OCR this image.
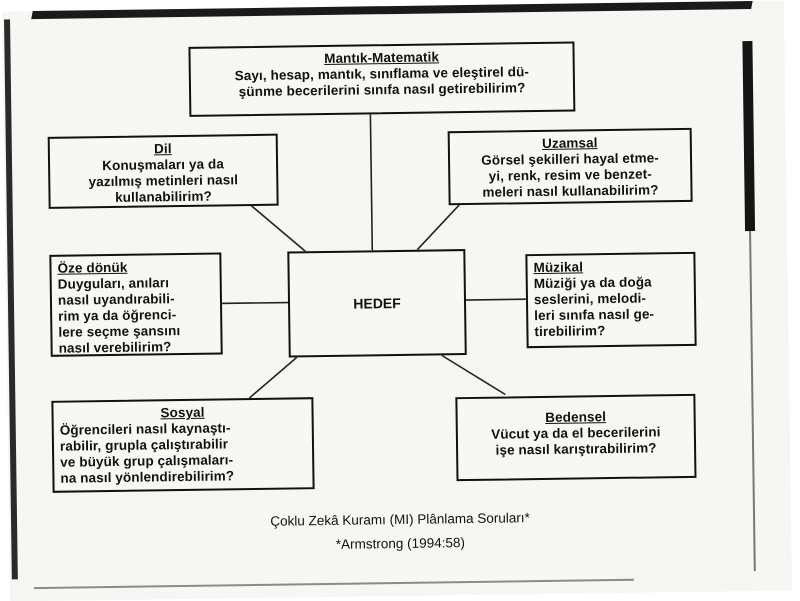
Mantık-Matematik
Sayı, hesap, mantık, sınıflama ve eleştirel dü-
şünme becerilerini sınıfa nasıl getirebilirim?
Dil
Konuşmaları ya da
yazılmış metinleri nasıl
kullanabilirim?
Uzamsal
Görsel şekilleri hayal etme-
yi, renk, resim ve benzet-
meleri nasıl kullanabilirim?
Öze dönük
Duyguları, anıları
nasıl uyandırabili-
rim ya da öğrenci-
lere seçme şansını
nasıl verebilirim?
HEDEF
Müzikal
Müziği ya da doğa
seslerini, melodi-
leri sınıfa nasıl ge-
tirebilirim?
Sosyal
Öğrencileri nasıl kaynaştı-
rabilir, grupla çalıştırabilir
ve büyük grup çalışmaları-
na nasıl yönlendirebilirim?
Bedensel
Vücut ya da el becerilerini
işe nasıl karıştırabilirim?
Çoklu Zekâ Kuramı (MI) Plânlama Soruları*
*Armstrong (1994:58)
